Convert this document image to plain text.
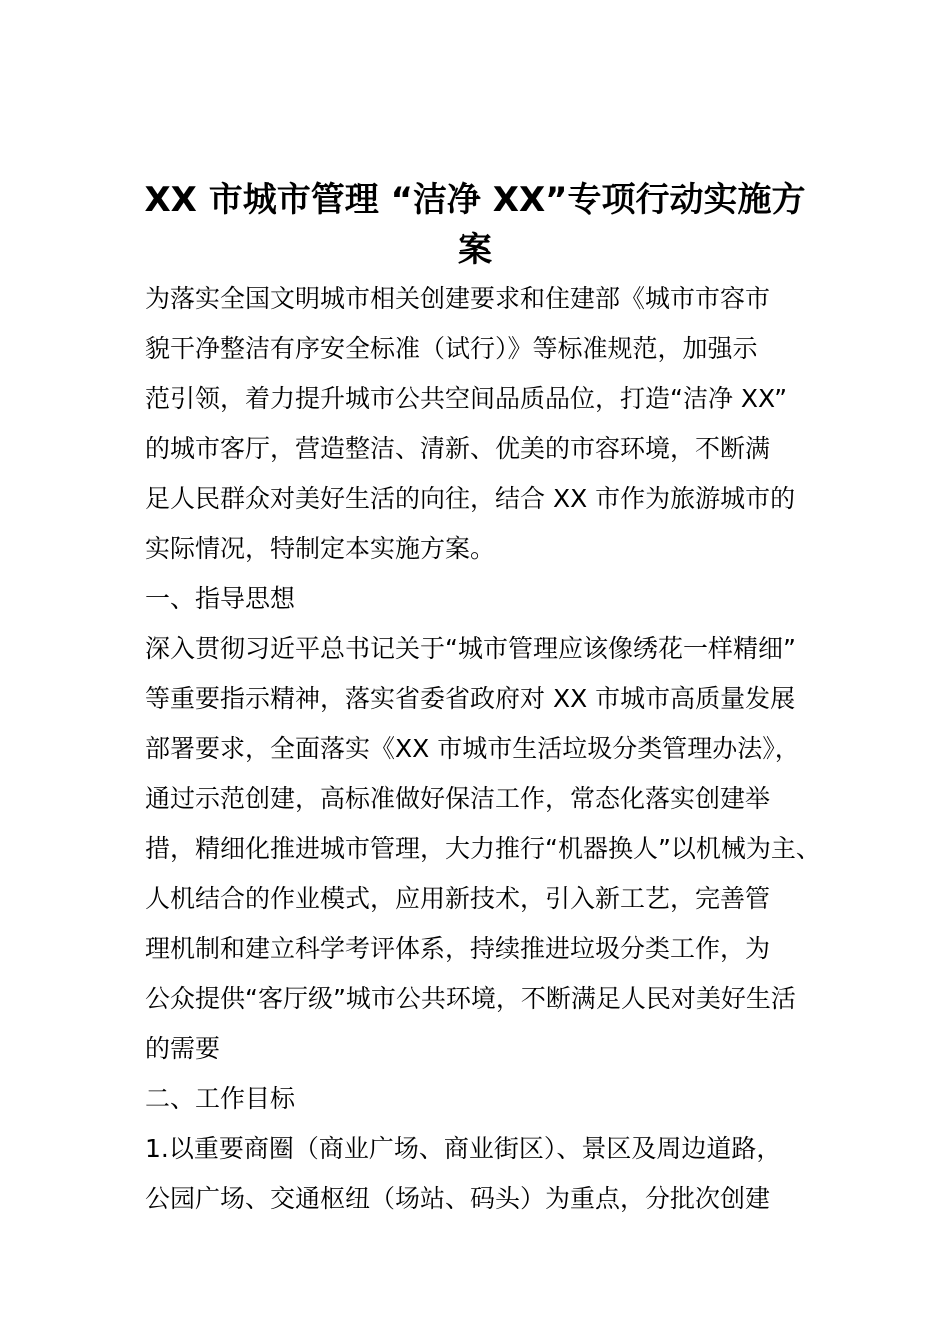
XX 市城市管理 “洁净 XX”专项行动实施方
案

为落实全国文明城市相关创建要求和住建部《城市市容市

貌干净整洁有序安全标准（试行）》等标准规范，加强示

范引领，着力提升城市公共空间品质品位，打造“洁净 XX”

的城市客厅，营造整洁、清新、优美的市容环境，不断满

足人民群众对美好生活的向往，结合 XX 市作为旅游城市的

实际情况，特制定本实施方案。

一、指导思想

深入贯彻习近平总书记关于“城市管理应该像绣花一样精细”

等重要指示精神，落实省委省政府对 XX 市城市高质量发展

部署要求，全面落实《XX 市城市生活垃圾分类管理办法》，

通过示范创建，高标准做好保洁工作，常态化落实创建举

措，精细化推进城市管理，大力推行“机器换人”以机械为主、

人机结合的作业模式，应用新技术，引入新工艺，完善管

理机制和建立科学考评体系，持续推进垃圾分类工作，为

公众提供“客厅级”城市公共环境，不断满足人民对美好生活

的需要

二、工作目标

1.以重要商圈（商业广场、商业街区）、景区及周边道路，

公园广场、交通枢纽（场站、码头）为重点，分批次创建
